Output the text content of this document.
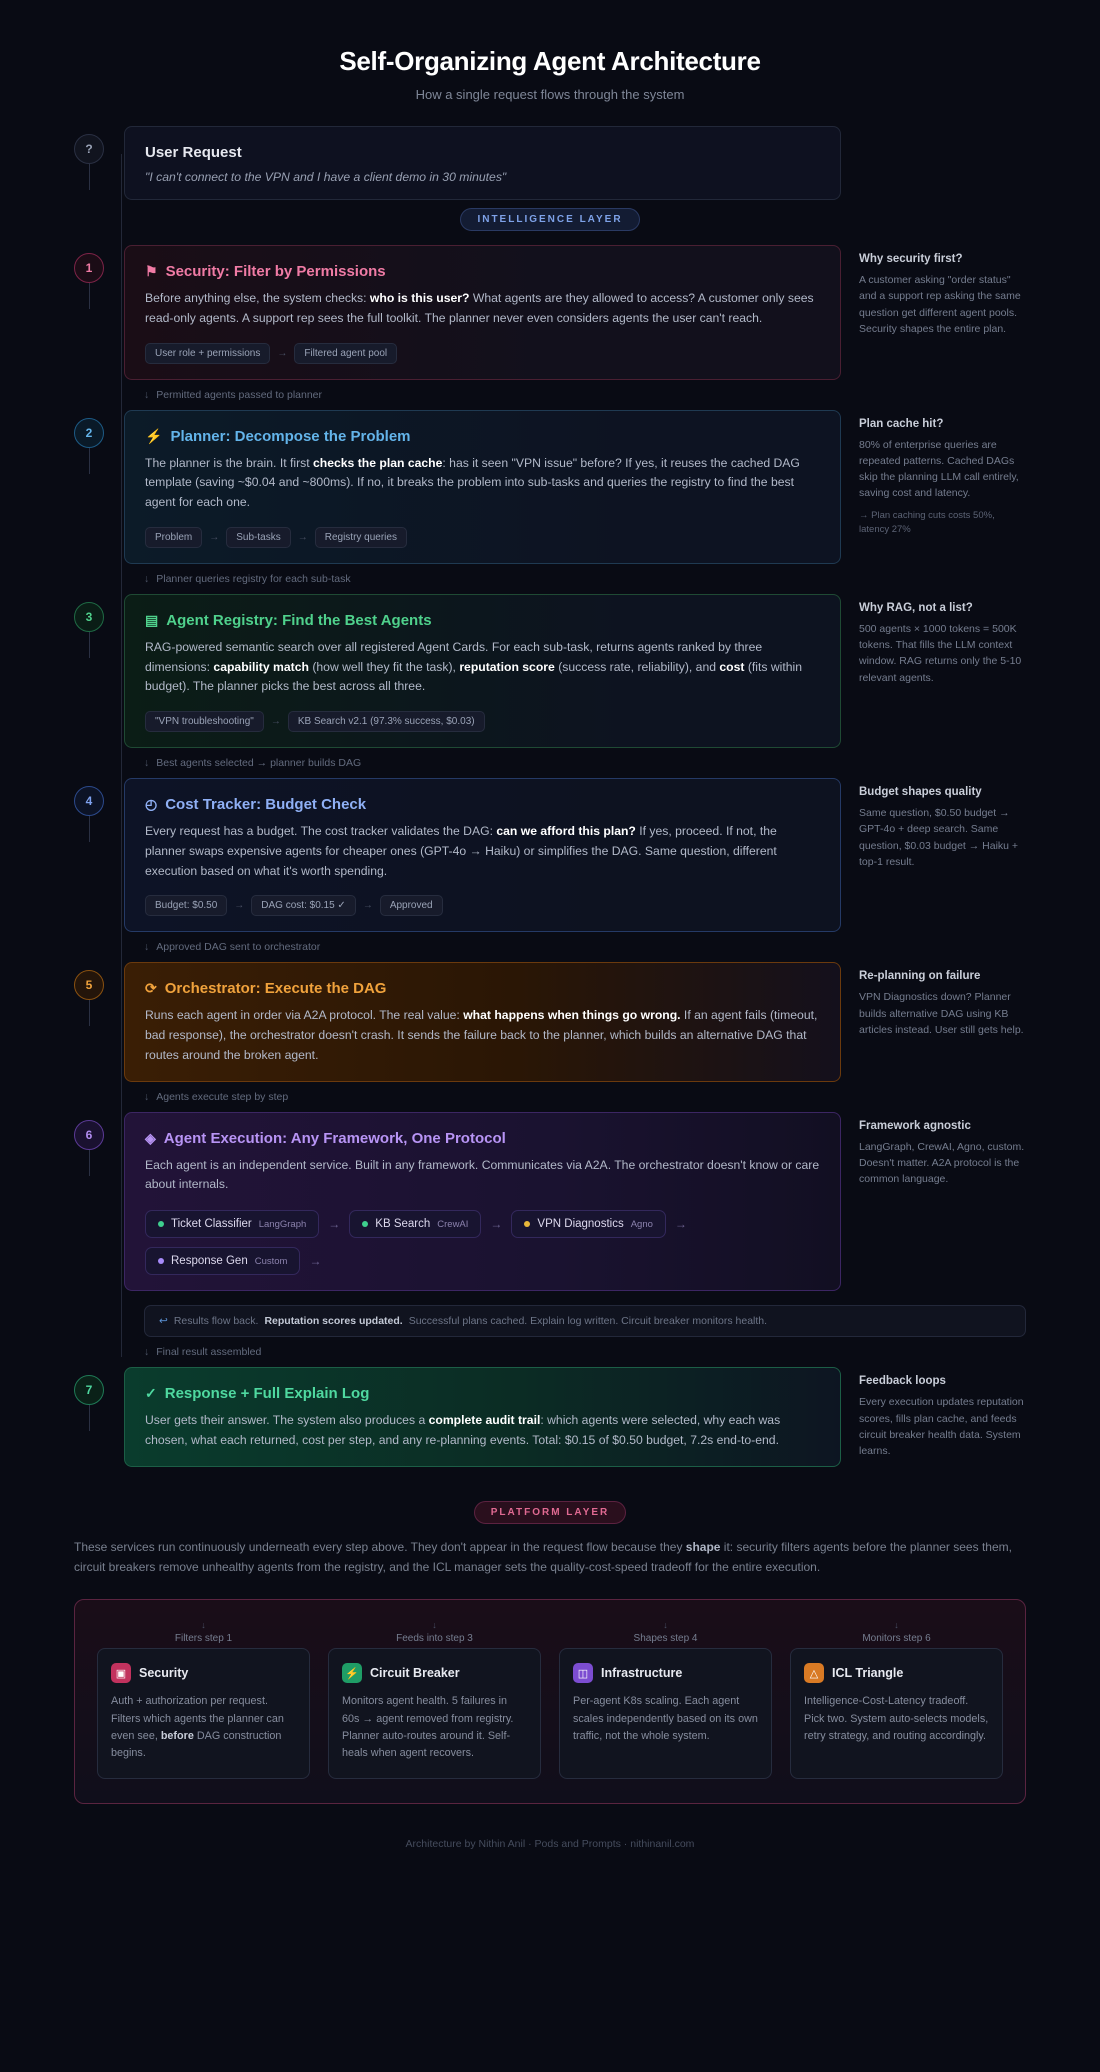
Self-Organizing Agent Architecture

How a single request flows through the system

?	User Request
"I can't connect to the VPN and I have a client demo in 30 minutes"
INTELLIGENCE LAYER
1	⚑ Security: Filter by Permissions
Before anything else, the system checks: who is this user? What agents are they allowed to access? A customer only sees read-only agents. A support rep sees the full toolkit. The planner never even considers agents the user can't reach.
User role + permissions	→	Filtered agent pool
Why security first?

A customer asking "order status" and a support rep asking the same question get different agent pools. Security shapes the entire plan.

↓ Permitted agents passed to planner
2	⚡ Planner: Decompose the Problem
The planner is the brain. It first checks the plan cache: has it seen "VPN issue" before? If yes, it reuses the cached DAG template (saving ~$0.04 and ~800ms). If no, it breaks the problem into sub-tasks and queries the registry to find the best agent for each one.
Problem	→	Sub-tasks	→	Registry queries
Plan cache hit?

80% of enterprise queries are repeated patterns. Cached DAGs skip the planning LLM call entirely, saving cost and latency.

→ Plan caching cuts costs 50%, latency 27%

↓ Planner queries registry for each sub-task
3	▤ Agent Registry: Find the Best Agents
RAG-powered semantic search over all registered Agent Cards. For each sub-task, returns agents ranked by three dimensions: capability match (how well they fit the task), reputation score (success rate, reliability), and cost (fits within budget). The planner picks the best across all three.
"VPN troubleshooting"	→	KB Search v2.1 (97.3% success, $0.03)
Why RAG, not a list?

500 agents × 1000 tokens = 500K tokens. That fills the LLM context window. RAG returns only the 5-10 relevant agents.

↓ Best agents selected → planner builds DAG
4	◴ Cost Tracker: Budget Check
Every request has a budget. The cost tracker validates the DAG: can we afford this plan? If yes, proceed. If not, the planner swaps expensive agents for cheaper ones (GPT-4o → Haiku) or simplifies the DAG. Same question, different execution based on what it's worth spending.
Budget: $0.50	→	DAG cost: $0.15 ✓	→	Approved
Budget shapes quality

Same question, $0.50 budget → GPT-4o + deep search. Same question, $0.03 budget → Haiku + top-1 result.

↓ Approved DAG sent to orchestrator
5	⟳ Orchestrator: Execute the DAG
Runs each agent in order via A2A protocol. The real value: what happens when things go wrong. If an agent fails (timeout, bad response), the orchestrator doesn't crash. It sends the failure back to the planner, which builds an alternative DAG that routes around the broken agent.
Re-planning on failure

VPN Diagnostics down? Planner builds alternative DAG using KB articles instead. User still gets help.

↓ Agents execute step by step
6	◈ Agent Execution: Any Framework, One Protocol
Each agent is an independent service. Built in any framework. Communicates via A2A. The orchestrator doesn't know or care about internals.
Ticket Classifier LangGraph →	KB Search CrewAI →	VPN Diagnostics Agno →
Response Gen Custom →
Framework agnostic

LangGraph, CrewAI, Agno, custom. Doesn't matter. A2A protocol is the common language.

↩ Results flow back. Reputation scores updated. Successful plans cached. Explain log written. Circuit breaker monitors health.
↓ Final result assembled
7	✓ Response + Full Explain Log
User gets their answer. The system also produces a complete audit trail: which agents were selected, why each was chosen, what each returned, cost per step, and any re-planning events. Total: $0.15 of $0.50 budget, 7.2s end-to-end.
Feedback loops

Every execution updates reputation scores, fills plan cache, and feeds circuit breaker health data. System learns.

PLATFORM LAYER
These services run continuously underneath every step above. They don't appear in the request flow because they shape it: security filters agents before the planner sees them, circuit breakers remove unhealthy agents from the registry, and the ICL manager sets the quality-cost-speed tradeoff for the entire execution.
↓
Filters step 1
↓
Feeds into step 3
↓
Shapes step 4
↓
Monitors step 6
▣	Security

Auth + authorization per request. Filters which agents the planner can even see, before DAG construction begins.

⚡ Circuit Breaker

Monitors agent health. 5 failures in 60s → agent removed from registry. Planner auto-routes around it. Self-heals when agent recovers.

◫	Infrastructure

Per-agent K8s scaling. Each agent scales independently based on its own traffic, not the whole system.

△	ICL Triangle

Intelligence-Cost-Latency tradeoff. Pick two. System auto-selects models, retry strategy, and routing accordingly.

Architecture by Nithin Anil · Pods and Prompts · nithinanil.com
